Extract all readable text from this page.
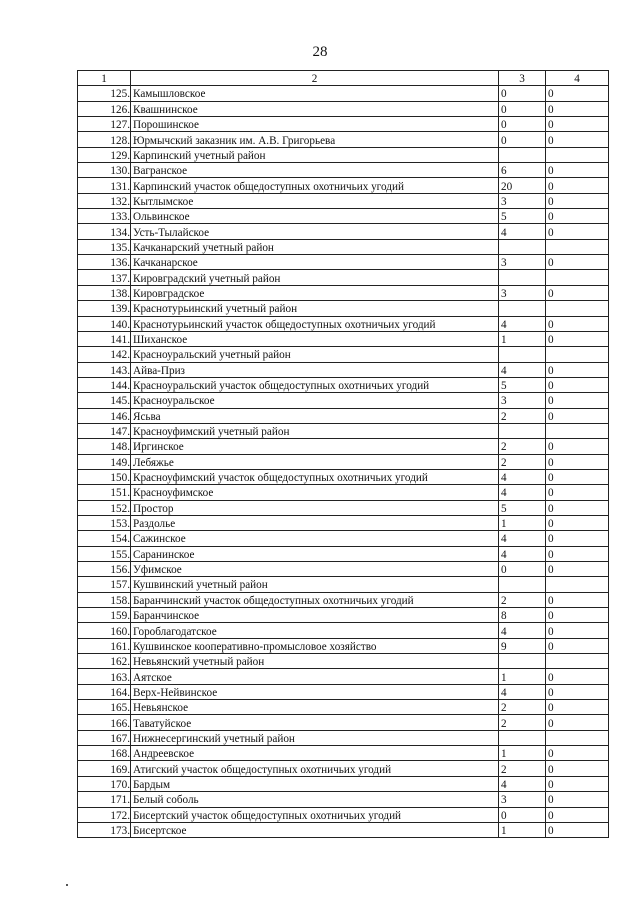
28
1	2	3	4
125.	Камышловское	0	0
126.	Квашнинское	0	0
127.	Порошинское	0	0
128.	Юрмычский заказник им. А.В. Григорьева	0	0
129.	Карпинский учетный район		
130.	Вагранское	6	0
131.	Карпинский участок общедоступных охотничьих угодий	20	0
132.	Кытлымское	3	0
133.	Ольвинское	5	0
134.	Усть-Тылайское	4	0
135.	Качканарский учетный район		
136.	Качканарское	3	0
137.	Кировградский учетный район		
138.	Кировградское	3	0
139.	Краснотурьинский учетный район		
140.	Краснотурьинский участок общедоступных охотничьих угодий	4	0
141.	Шиханское	1	0
142.	Красноуральский учетный район		
143.	Айва-Приз	4	0
144.	Красноуральский участок общедоступных охотничьих угодий	5	0
145.	Красноуральское	3	0
146.	Ясьва	2	0
147.	Красноуфимский учетный район		
148.	Иргинское	2	0
149.	Лебяжье	2	0
150.	Красноуфимский участок общедоступных охотничьих угодий	4	0
151.	Красноуфимское	4	0
152.	Простор	5	0
153.	Раздолье	1	0
154.	Сажинское	4	0
155.	Саранинское	4	0
156.	Уфимское	0	0
157.	Кушвинский учетный район		
158.	Баранчинский участок общедоступных охотничьих угодий	2	0
159.	Баранчинское	8	0
160.	Гороблагодатское	4	0
161.	Кушвинское кооперативно-промысловое хозяйство	9	0
162.	Невьянский учетный район		
163.	Аятское	1	0
164.	Верх-Нейвинское	4	0
165.	Невьянское	2	0
166.	Таватуйское	2	0
167.	Нижнесергинский учетный район		
168.	Андреевское	1	0
169.	Атигский участок общедоступных охотничьих угодий	2	0
170.	Бардым	4	0
171.	Белый соболь	3	0
172.	Бисертский участок общедоступных охотничьих угодий	0	0
173.	Бисертское	1	0
